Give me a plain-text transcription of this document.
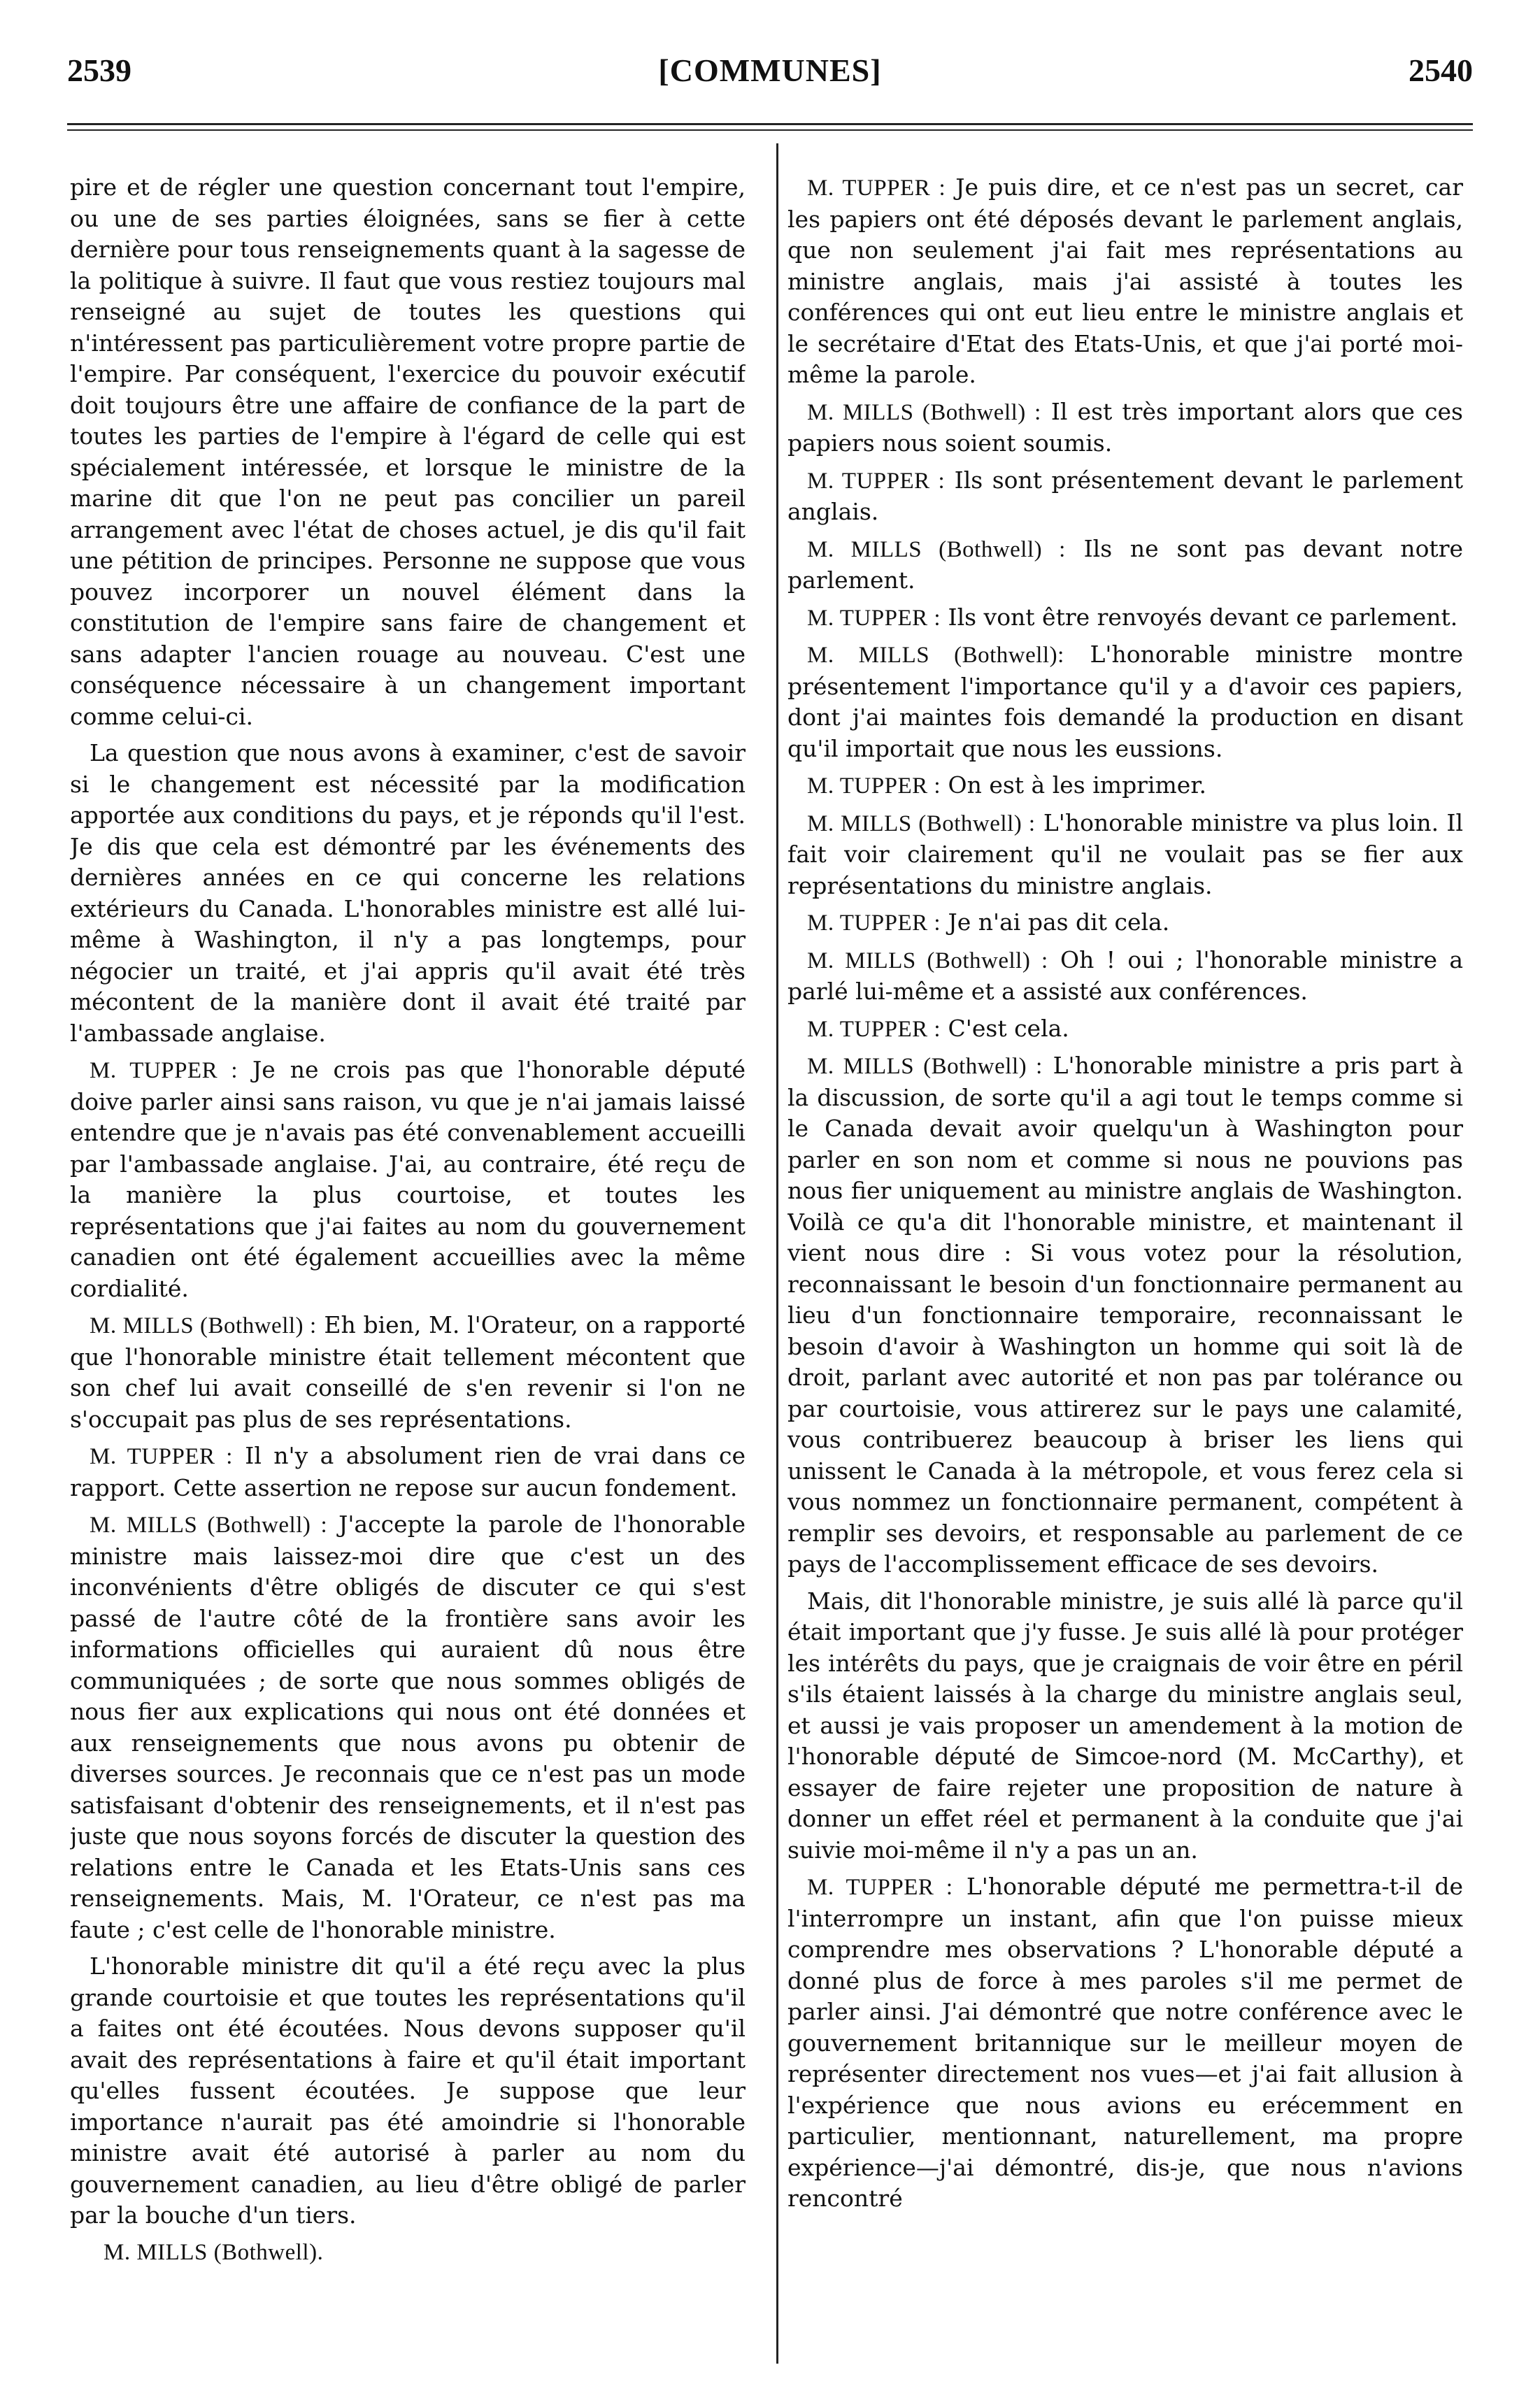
2539	[COMMUNES]	2540

pire et de régler une question concernant tout l'empire, ou une de ses parties éloignées, sans se fier à cette dernière pour tous renseignements quant à la sagesse de la politique à suivre. Il faut que vous restiez toujours mal renseigné au sujet de toutes les questions qui n'intéressent pas particulièrement votre propre partie de l'empire. Par conséquent, l'exercice du pouvoir exécutif doit toujours être une affaire de confiance de la part de toutes les parties de l'empire à l'égard de celle qui est spécialement intéressée, et lorsque le ministre de la marine dit que l'on ne peut pas concilier un pareil arrangement avec l'état de choses actuel, je dis qu'il fait une pétition de principes. Personne ne suppose que vous pouvez incorporer un nouvel élément dans la constitution de l'empire sans faire de changement et sans adapter l'ancien rouage au nouveau. C'est une conséquence nécessaire à un changement important comme celui-ci.

La question que nous avons à examiner, c'est de savoir si le changement est nécessité par la modification apportée aux conditions du pays, et je réponds qu'il l'est. Je dis que cela est démontré par les événements des dernières années en ce qui concerne les relations extérieurs du Canada. L'honorables ministre est allé lui-même à Washington, il n'y a pas longtemps, pour négocier un traité, et j'ai appris qu'il avait été très mécontent de la manière dont il avait été traité par l'ambassade anglaise.

M. TUPPER : Je ne crois pas que l'honorable député doive parler ainsi sans raison, vu que je n'ai jamais laissé entendre que je n'avais pas été convenablement accueilli par l'ambassade anglaise. J'ai, au contraire, été reçu de la manière la plus courtoise, et toutes les représentations que j'ai faites au nom du gouvernement canadien ont été également accueillies avec la même cordialité.

M. MILLS (Bothwell) : Eh bien, M. l'Orateur, on a rapporté que l'honorable ministre était tellement mécontent que son chef lui avait conseillé de s'en revenir si l'on ne s'occupait pas plus de ses représentations.

M. TUPPER : Il n'y a absolument rien de vrai dans ce rapport. Cette assertion ne repose sur aucun fondement.

M. MILLS (Bothwell) : J'accepte la parole de l'honorable ministre mais laissez-moi dire que c'est un des inconvénients d'être obligés de discuter ce qui s'est passé de l'autre côté de la frontière sans avoir les informations officielles qui auraient dû nous être communiquées ; de sorte que nous sommes obligés de nous fier aux explications qui nous ont été données et aux renseignements que nous avons pu obtenir de diverses sources. Je reconnais que ce n'est pas un mode satisfaisant d'obtenir des renseignements, et il n'est pas juste que nous soyons forcés de discuter la question des relations entre le Canada et les Etats-Unis sans ces renseignements. Mais, M. l'Orateur, ce n'est pas ma faute ; c'est celle de l'honorable ministre.

L'honorable ministre dit qu'il a été reçu avec la plus grande courtoisie et que toutes les représentations qu'il a faites ont été écoutées. Nous devons supposer qu'il avait des représentations à faire et qu'il était important qu'elles fussent écoutées. Je suppose que leur importance n'aurait pas été amoindrie si l'honorable ministre avait été autorisé à parler au nom du gouvernement canadien, au lieu d'être obligé de parler par la bouche d'un tiers.

M. MILLS (Bothwell).

M. TUPPER : Je puis dire, et ce n'est pas un secret, car les papiers ont été déposés devant le parlement anglais, que non seulement j'ai fait mes représentations au ministre anglais, mais j'ai assisté à toutes les conférences qui ont eut lieu entre le ministre anglais et le secrétaire d'Etat des Etats-Unis, et que j'ai porté moi-même la parole.

M. MILLS (Bothwell) : Il est très important alors que ces papiers nous soient soumis.

M. TUPPER : Ils sont présentement devant le parlement anglais.

M. MILLS (Bothwell) : Ils ne sont pas devant notre parlement.

M. TUPPER : Ils vont être renvoyés devant ce parlement.

M. MILLS (Bothwell): L'honorable ministre montre présentement l'importance qu'il y a d'avoir ces papiers, dont j'ai maintes fois demandé la production en disant qu'il importait que nous les eussions.

M. TUPPER : On est à les imprimer.

M. MILLS (Bothwell) : L'honorable ministre va plus loin. Il fait voir clairement qu'il ne voulait pas se fier aux représentations du ministre anglais.

M. TUPPER : Je n'ai pas dit cela.

M. MILLS (Bothwell) : Oh ! oui ; l'honorable ministre a parlé lui-même et a assisté aux conférences.

M. TUPPER : C'est cela.

M. MILLS (Bothwell) : L'honorable ministre a pris part à la discussion, de sorte qu'il a agi tout le temps comme si le Canada devait avoir quelqu'un à Washington pour parler en son nom et comme si nous ne pouvions pas nous fier uniquement au ministre anglais de Washington. Voilà ce qu'a dit l'honorable ministre, et maintenant il vient nous dire : Si vous votez pour la résolution, reconnaissant le besoin d'un fonctionnaire permanent au lieu d'un fonctionnaire temporaire, reconnaissant le besoin d'avoir à Washington un homme qui soit là de droit, parlant avec autorité et non pas par tolérance ou par courtoisie, vous attirerez sur le pays une calamité, vous contribuerez beaucoup à briser les liens qui unissent le Canada à la métropole, et vous ferez cela si vous nommez un fonctionnaire permanent, compétent à remplir ses devoirs, et responsable au parlement de ce pays de l'accomplissement efficace de ses devoirs.

Mais, dit l'honorable ministre, je suis allé là parce qu'il était important que j'y fusse. Je suis allé là pour protéger les intérêts du pays, que je craignais de voir être en péril s'ils étaient laissés à la charge du ministre anglais seul, et aussi je vais proposer un amendement à la motion de l'honorable député de Simcoe-nord (M. McCarthy), et essayer de faire rejeter une proposition de nature à donner un effet réel et permanent à la conduite que j'ai suivie moi-même il n'y a pas un an.

M. TUPPER : L'honorable député me permettra-t-il de l'interrompre un instant, afin que l'on puisse mieux comprendre mes observations ? L'honorable député a donné plus de force à mes paroles s'il me permet de parler ainsi. J'ai démontré que notre conférence avec le gouvernement britannique sur le meilleur moyen de représenter directement nos vues—et j'ai fait allusion à l'expérience que nous avions eu erécemment en particulier, mentionnant, naturellement, ma propre expérience—j'ai démontré, dis-je, que nous n'avions rencontré
